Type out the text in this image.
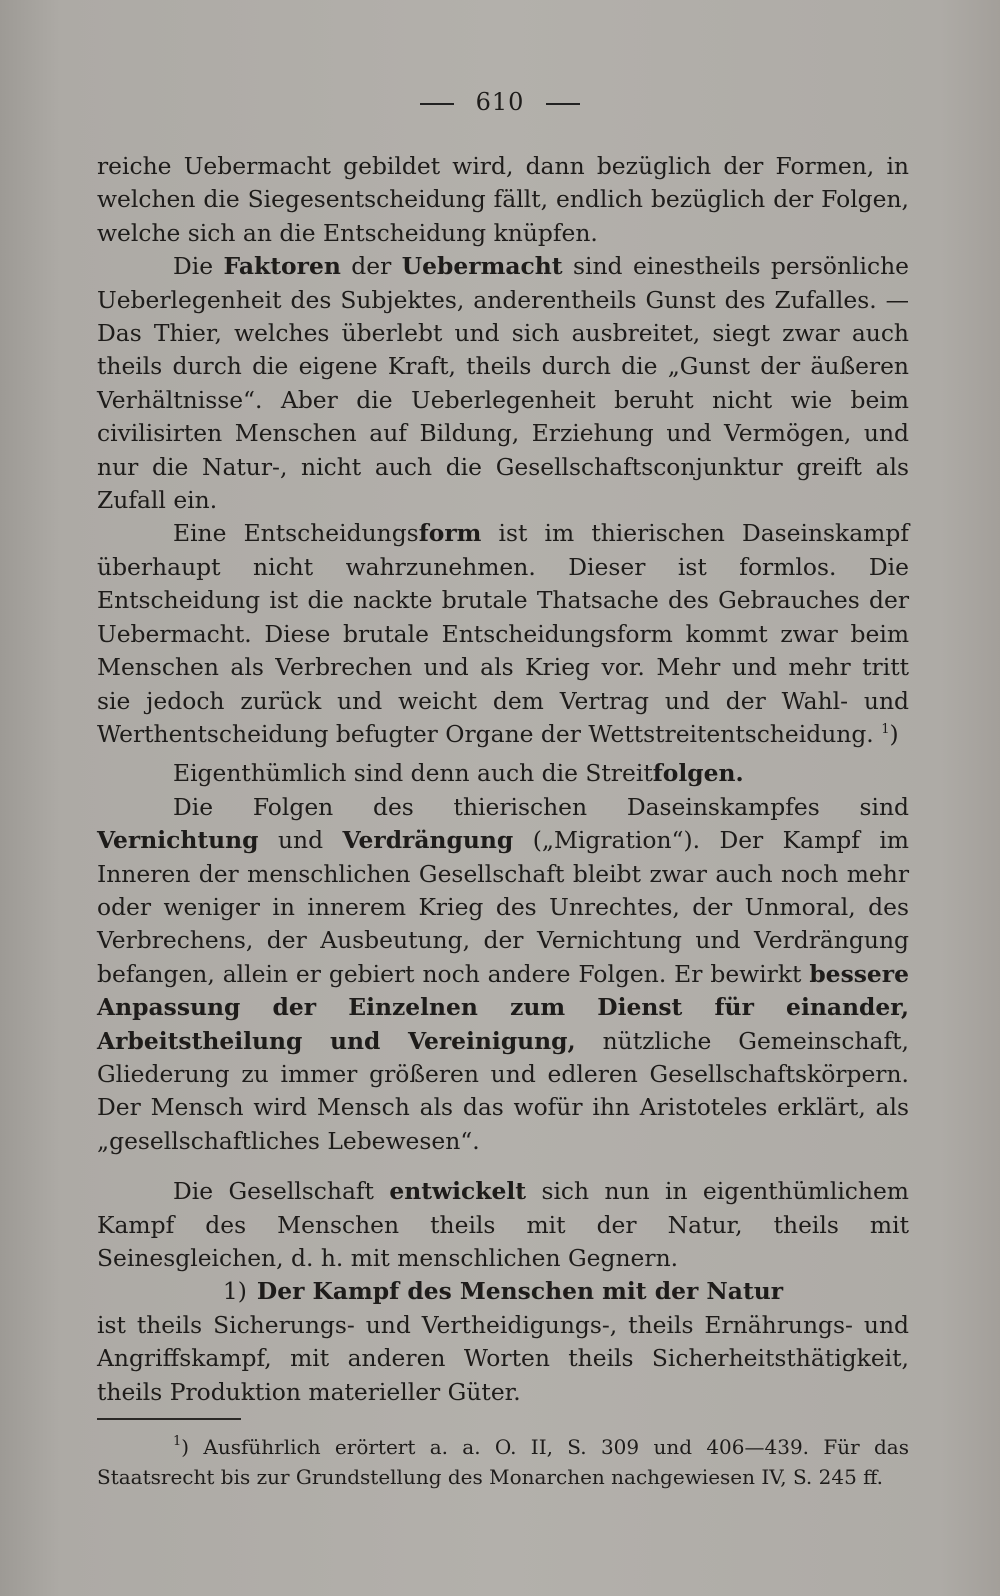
610

reiche Uebermacht gebildet wird, dann bezüglich der Formen, in welchen die Siegesentscheidung fällt, endlich bezüglich der Folgen, welche sich an die Entscheidung knüpfen.

Die Faktoren der Uebermacht sind einestheils persönliche Ueberlegenheit des Subjektes, anderentheils Gunst des Zufalles. — Das Thier, welches überlebt und sich ausbreitet, siegt zwar auch theils durch die eigene Kraft, theils durch die „Gunst der äußeren Verhältnisse“. Aber die Ueberlegenheit beruht nicht wie beim civilisirten Menschen auf Bildung, Erziehung und Vermögen, und nur die Natur-, nicht auch die Gesellschaftsconjunktur greift als Zufall ein.

Eine Entscheidungsform ist im thierischen Daseinskampf überhaupt nicht wahrzunehmen. Dieser ist formlos. Die Entscheidung ist die nackte brutale Thatsache des Gebrauches der Uebermacht. Diese brutale Entscheidungsform kommt zwar beim Menschen als Verbrechen und als Krieg vor. Mehr und mehr tritt sie jedoch zurück und weicht dem Vertrag und der Wahl- und Werthentscheidung befugter Organe der Wettstreitentscheidung. $^1$)

Eigenthümlich sind denn auch die Streitfolgen.

Die Folgen des thierischen Daseinskampfes sind Vernichtung und Verdrängung („Migration“). Der Kampf im Inneren der menschlichen Gesellschaft bleibt zwar auch noch mehr oder weniger in innerem Krieg des Unrechtes, der Unmoral, des Verbrechens, der Ausbeutung, der Vernichtung und Verdrängung befangen, allein er gebiert noch andere Folgen. Er bewirkt bessere Anpassung der Einzelnen zum Dienst für einander, Arbeitstheilung und Vereinigung, nützliche Gemeinschaft, Gliederung zu immer größeren und edleren Gesellschaftskörpern. Der Mensch wird Mensch als das wofür ihn Aristoteles erklärt, als „gesellschaftliches Lebewesen“.

Die Gesellschaft entwickelt sich nun in eigenthümlichem Kampf des Menschen theils mit der Natur, theils mit Seinesgleichen, d. h. mit menschlichen Gegnern.

1) Der Kampf des Menschen mit der Natur

ist theils Sicherungs- und Vertheidigungs-, theils Ernährungs- und Angriffskampf, mit anderen Worten theils Sicherheitsthätigkeit, theils Produktion materieller Güter.

$^1$) Ausführlich erörtert a. a. O. II, S. 309 und 406—439. Für das Staatsrecht bis zur Grundstellung des Monarchen nachgewiesen IV, S. 245 ff.
